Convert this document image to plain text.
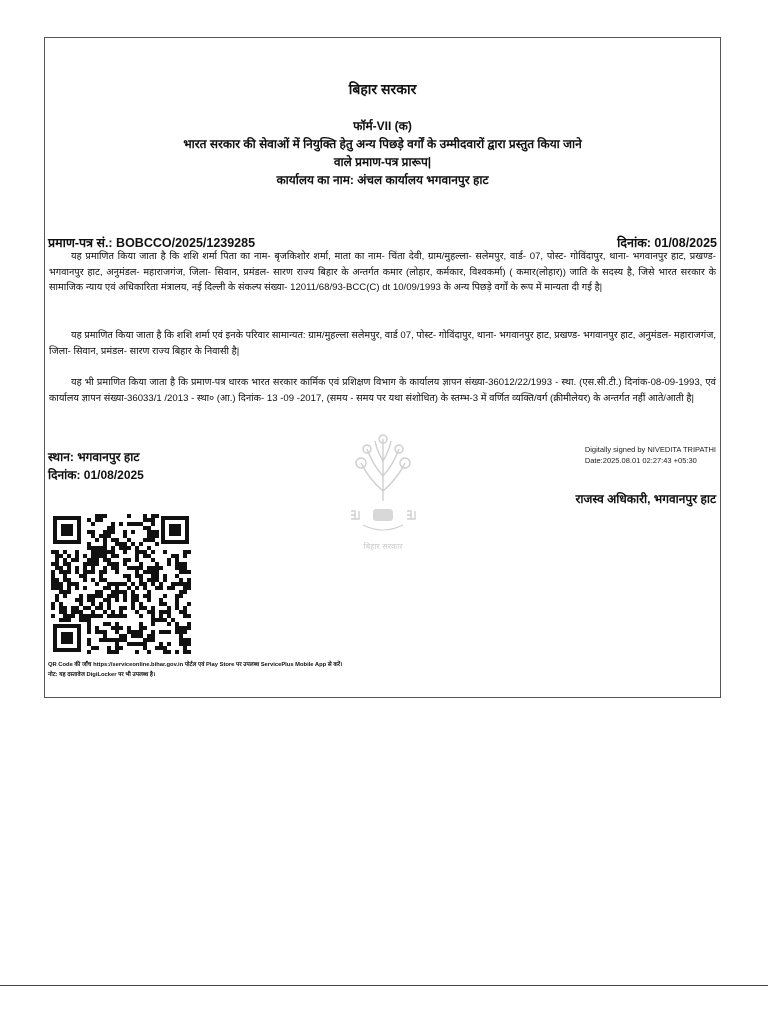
बिहार सरकार
फॉर्म-VII (क)
भारत सरकार की सेवाओं में नियुक्ति हेतु अन्य पिछड़े वर्गों के उम्मीदवारों द्वारा प्रस्तुत किया जाने
वाले प्रमाण-पत्र प्रारूप|
कार्यालय का नाम: अंचल कार्यालय भगवानपुर हाट
प्रमाण-पत्र सं.: BOBCCO/2025/1239285	दिनांक: 01/08/2025
यह प्रमाणित किया जाता है कि शशि शर्मा पिता का नाम- बृजकिशोर शर्मा, माता का नाम- चिंता देवी, ग्राम/मुहल्ला- सलेमपुर, वार्ड- 07, पोस्ट- गोविंदापुर, थाना- भगवानपुर हाट, प्रखण्ड- भगवानपुर हाट, अनुमंडल- महाराजगंज, जिला- सिवान, प्रमंडल- सारण राज्य बिहार के अन्तर्गत कमार (लोहार, कर्मकार, विश्वकर्मा) ( कमार(लोहार)) जाति के सदस्य है, जिसे भारत सरकार के सामाजिक न्याय एवं अधिकारिता मंत्रालय, नई दिल्ली के संकल्प संख्या- 12011/68/93-BCC(C) dt 10/09/1993 के अन्य पिछड़े वर्गों के रूप में मान्यता दी गई है|
यह प्रमाणित किया जाता है कि शशि शर्मा एवं इनके परिवार सामान्यत: ग्राम/मुहल्ला सलेमपुर, वार्ड 07, पोस्ट- गोविंदापुर, थाना- भगवानपुर हाट, प्रखण्ड- भगवानपुर हाट, अनुमंडल- महाराजगंज, जिला- सिवान, प्रमंडल- सारण राज्य बिहार के निवासी है|
यह भी प्रमाणित किया जाता है कि प्रमाण-पत्र धारक भारत सरकार कार्मिक एवं प्रशिक्षण विभाग के कार्यालय ज्ञापन संख्या-36012/22/1993 - स्था. (एस.सी.टी.) दिनांक-08-09-1993, एवं कार्यालय ज्ञापन संख्या-36033/1 /2013 - स्था० (आ.) दिनांक- 13 -09 -2017, (समय - समय पर यथा संशोधित) के स्तम्भ-3 में वर्णित व्यक्ति/वर्ग (क्रीमीलेयर) के अन्तर्गत नहीं आते/आती है|
स्थान: भगवानपुर हाट
दिनांक: 01/08/2025
Digitally signed by NIVEDITA TRIPATHI
Date:2025.08.01 02:27:43 +05:30
राजस्व अधिकारी, भगवानपुर हाट
बिहार सरकार
QR Code की जाँच https://serviceonline.bihar.gov.in पोर्टल एवं Play Store पर उपलब्ध ServicePlus Mobile App से करें।
नोट: यह दस्तावेज DigiLocker पर भी उपलब्ध है।
